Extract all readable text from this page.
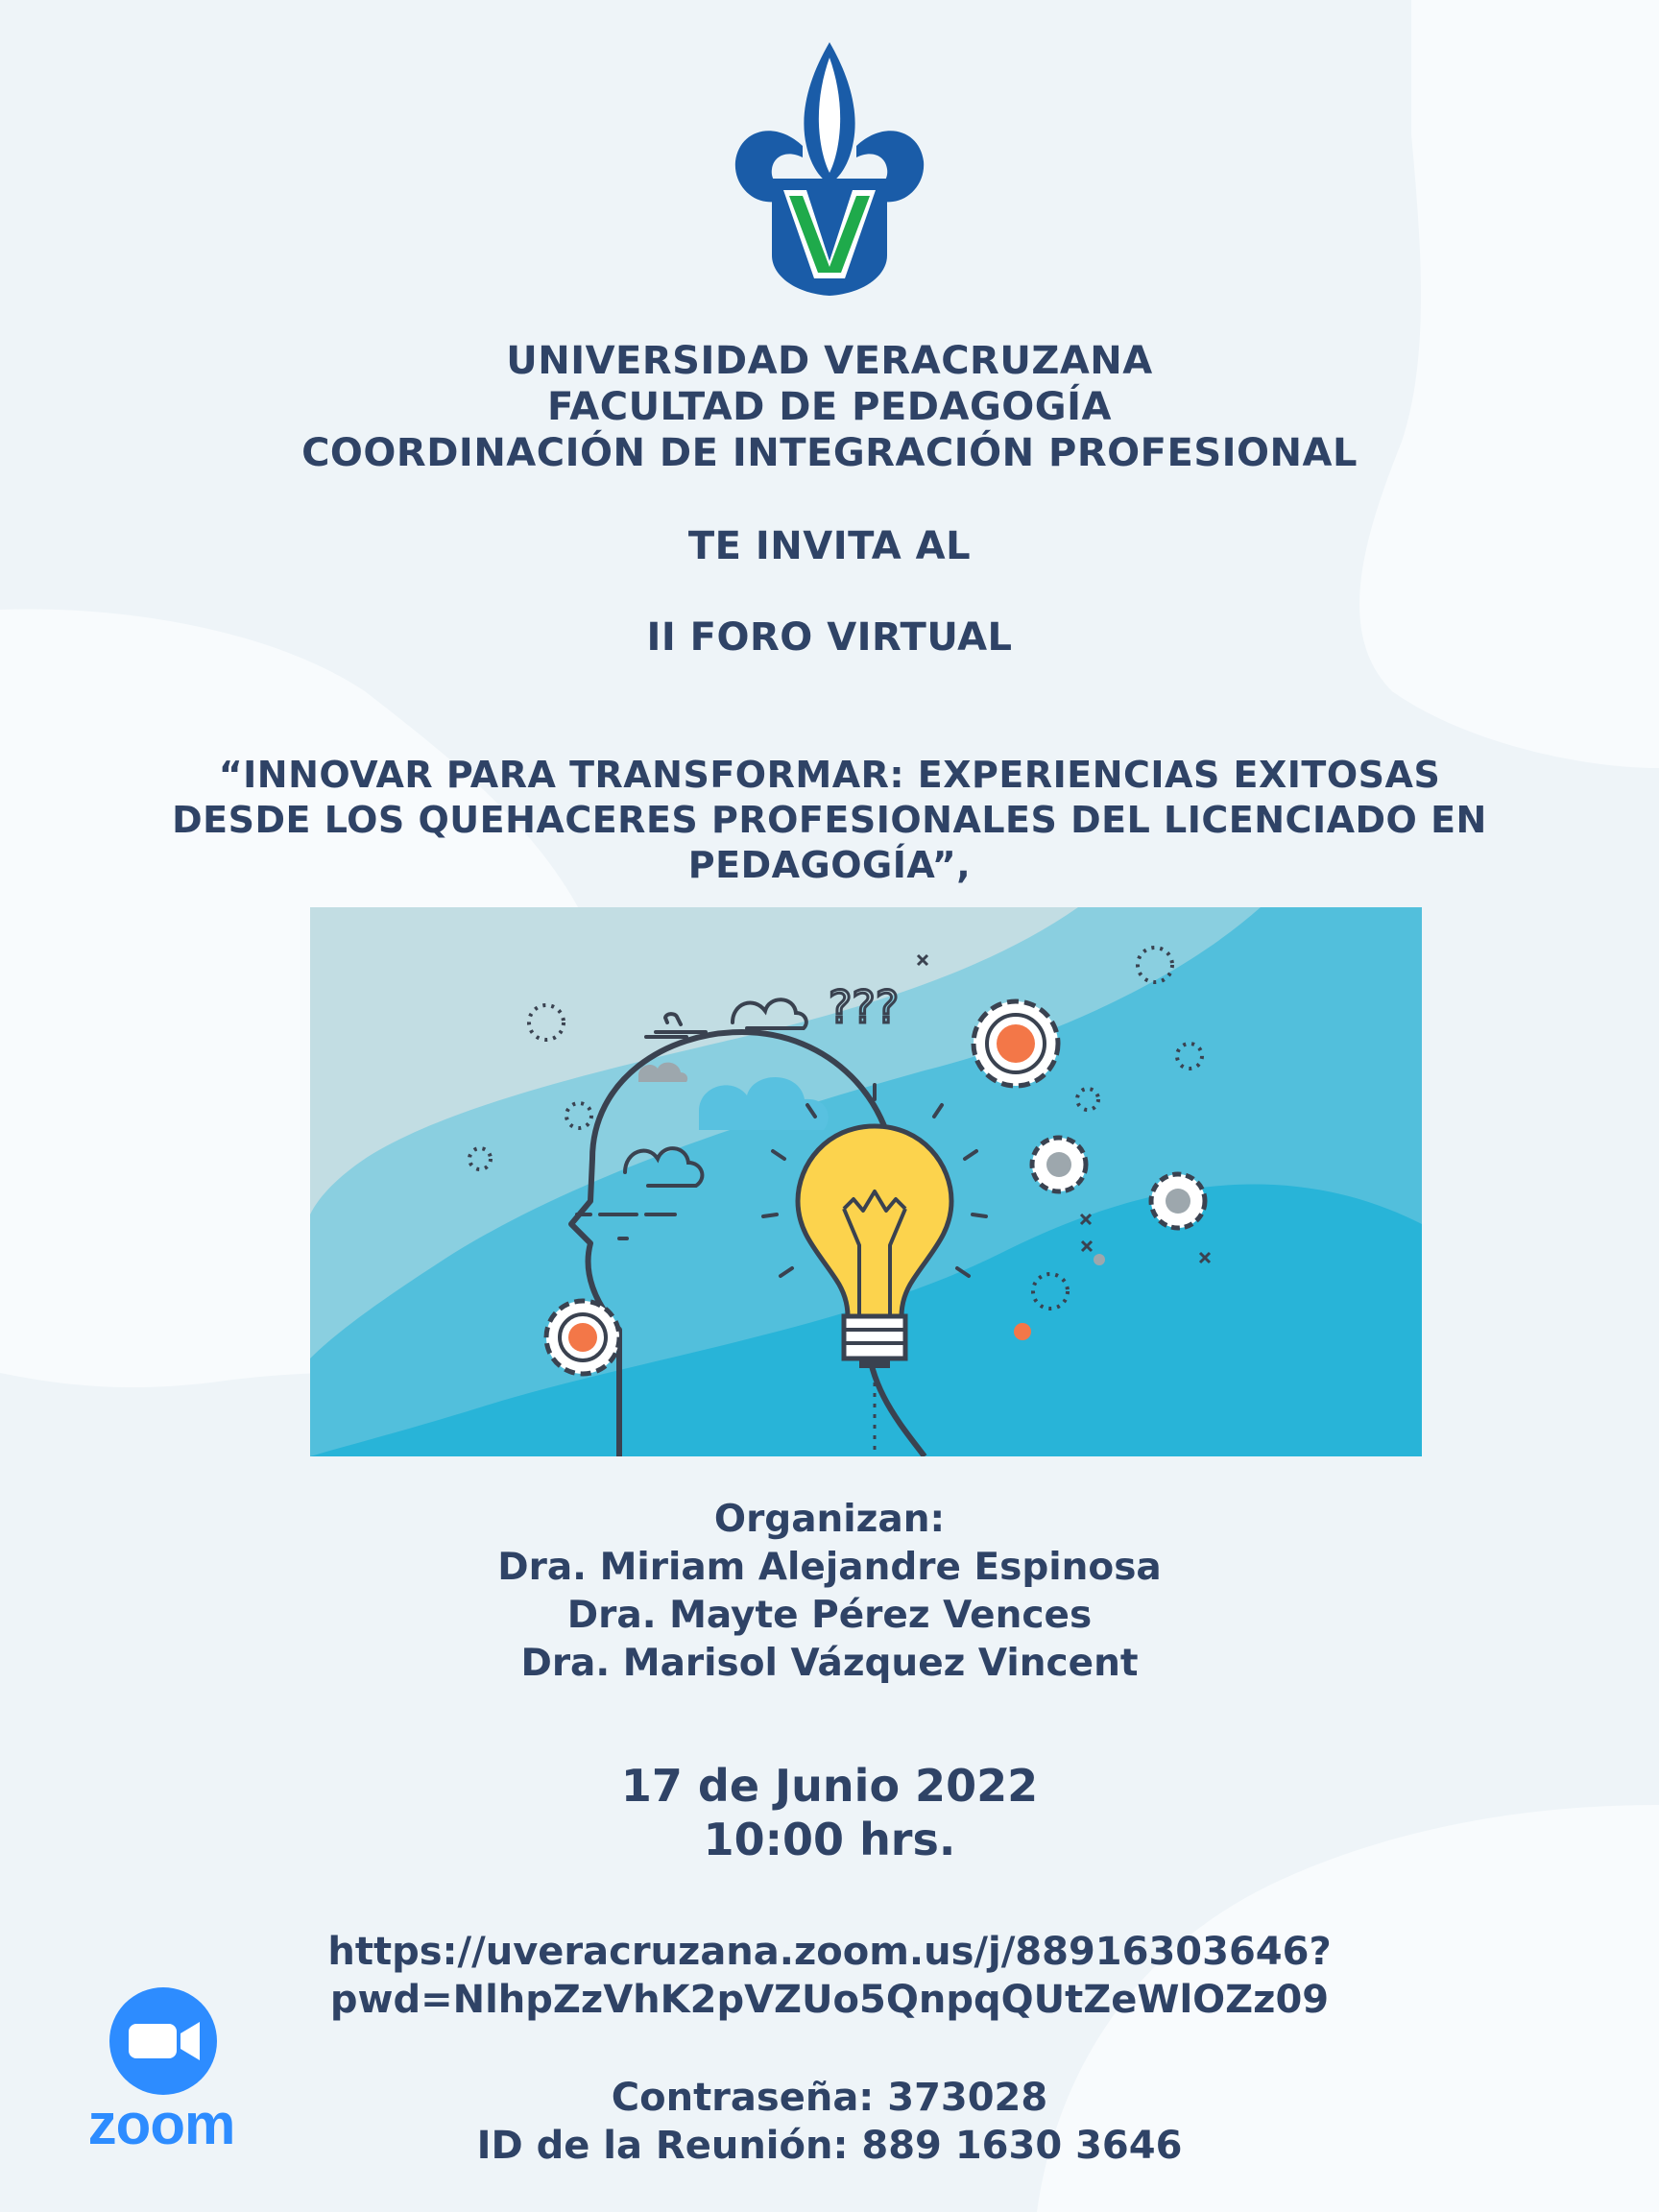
UNIVERSIDAD VERACRUZANA
FACULTAD DE PEDAGOGÍA
COORDINACIÓN DE INTEGRACIÓN PROFESIONAL
TE INVITA AL
II FORO VIRTUAL
“INNOVAR PARA TRANSFORMAR: EXPERIENCIAS EXITOSAS
DESDE LOS QUEHACERES PROFESIONALES DEL LICENCIADO EN
PEDAGOGÍA”,
???
Organizan:
Dra. Miriam Alejandre Espinosa
Dra. Mayte Pérez Vences
Dra. Marisol Vázquez Vincent
17 de Junio 2022
10:00 hrs.
https://uveracruzana.zoom.us/j/88916303646?
pwd=NlhpZzVhK2pVZUo5QnpqQUtZeWlOZz09
Contraseña: 373028
ID de la Reunión: 889 1630 3646
zoom
